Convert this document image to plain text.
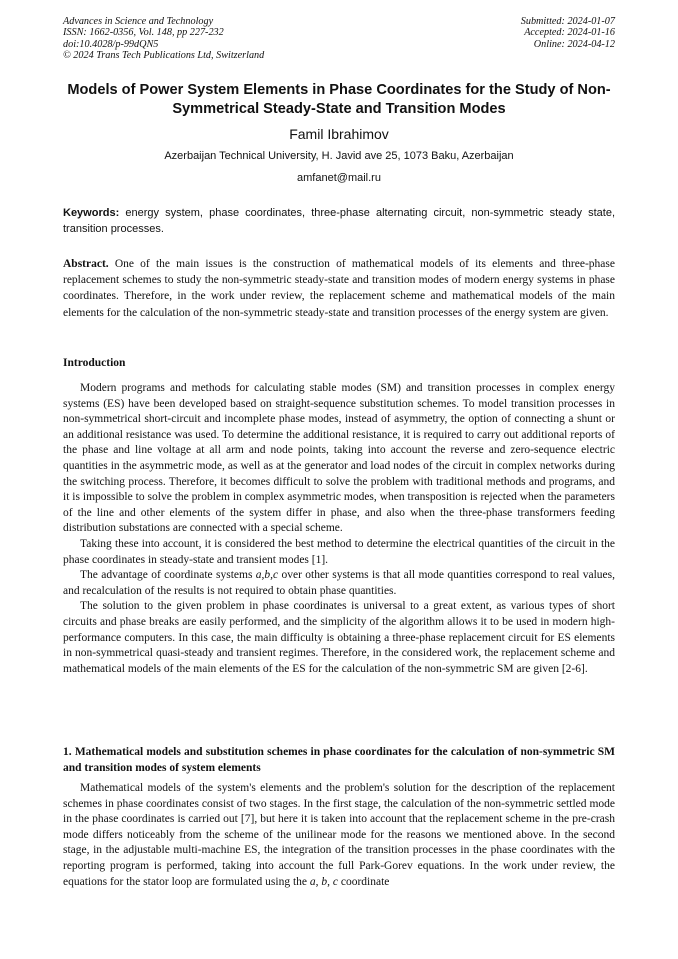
Advances in Science and Technology
ISSN: 1662-0356, Vol. 148, pp 227-232
doi:10.4028/p-99dQN5
© 2024 Trans Tech Publications Ltd, Switzerland
Submitted: 2024-01-07
Accepted: 2024-01-16
Online: 2024-04-12
Models of Power System Elements in Phase Coordinates for the Study of Non-Symmetrical Steady-State and Transition Modes
Famil Ibrahimov
Azerbaijan Technical University, H. Javid ave 25, 1073 Baku, Azerbaijan
amfanet@mail.ru

Keywords: energy system, phase coordinates, three-phase alternating circuit, non-symmetric steady state, transition processes.

Abstract. One of the main issues is the construction of mathematical models of its elements and three-phase replacement schemes to study the non-symmetric steady-state and transition modes of modern energy systems in phase coordinates. Therefore, in the work under review, the replacement scheme and mathematical models of the main elements for the calculation of the non-symmetric steady-state and transition processes of the energy system are given.

Introduction

Modern programs and methods for calculating stable modes (SM) and transition processes in complex energy systems (ES) have been developed based on straight-sequence substitution schemes. To model transition processes in non-symmetrical short-circuit and incomplete phase modes, instead of asymmetry, the option of connecting a shunt or an additional resistance was used. To determine the additional resistance, it is required to carry out additional reports of the phase and line voltage at all arm and node points, taking into account the reverse and zero-sequence electric quantities in the asymmetric mode, as well as at the generator and load nodes of the circuit in complex networks during the switching process. Therefore, it becomes difficult to solve the problem with traditional methods and programs, and it is impossible to solve the problem in complex asymmetric modes, when transposition is rejected when the parameters of the line and other elements of the system differ in phase, and also when the three-phase transformers feeding distribution substations are connected with a special scheme.

Taking these into account, it is considered the best method to determine the electrical quantities of the circuit in the phase coordinates in steady-state and transient modes [1].

The advantage of coordinate systems a,b,c over other systems is that all mode quantities correspond to real values, and recalculation of the results is not required to obtain phase quantities.

The solution to the given problem in phase coordinates is universal to a great extent, as various types of short circuits and phase breaks are easily performed, and the simplicity of the algorithm allows it to be used in modern high-performance computers. In this case, the main difficulty is obtaining a three-phase replacement circuit for ES elements in non-symmetrical quasi-steady and transient regimes. Therefore, in the considered work, the replacement scheme and mathematical models of the main elements of the ES for the calculation of the non-symmetric SM are given [2-6].

1. Mathematical models and substitution schemes in phase coordinates for the calculation of non-symmetric SM and transition modes of system elements

Mathematical models of the system's elements and the problem's solution for the description of the replacement schemes in phase coordinates consist of two stages. In the first stage, the calculation of the non-symmetric settled mode in the phase coordinates is carried out [7], but here it is taken into account that the replacement scheme in the pre-crash mode differs noticeably from the scheme of the unilinear mode for the reasons we mentioned above. In the second stage, in the adjustable multi-machine ES, the integration of the transition processes in the phase coordinates with the reporting program is performed, taking into account the full Park-Gorev equations. In the work under review, the equations for the stator loop are formulated using the a, b, c coordinate
